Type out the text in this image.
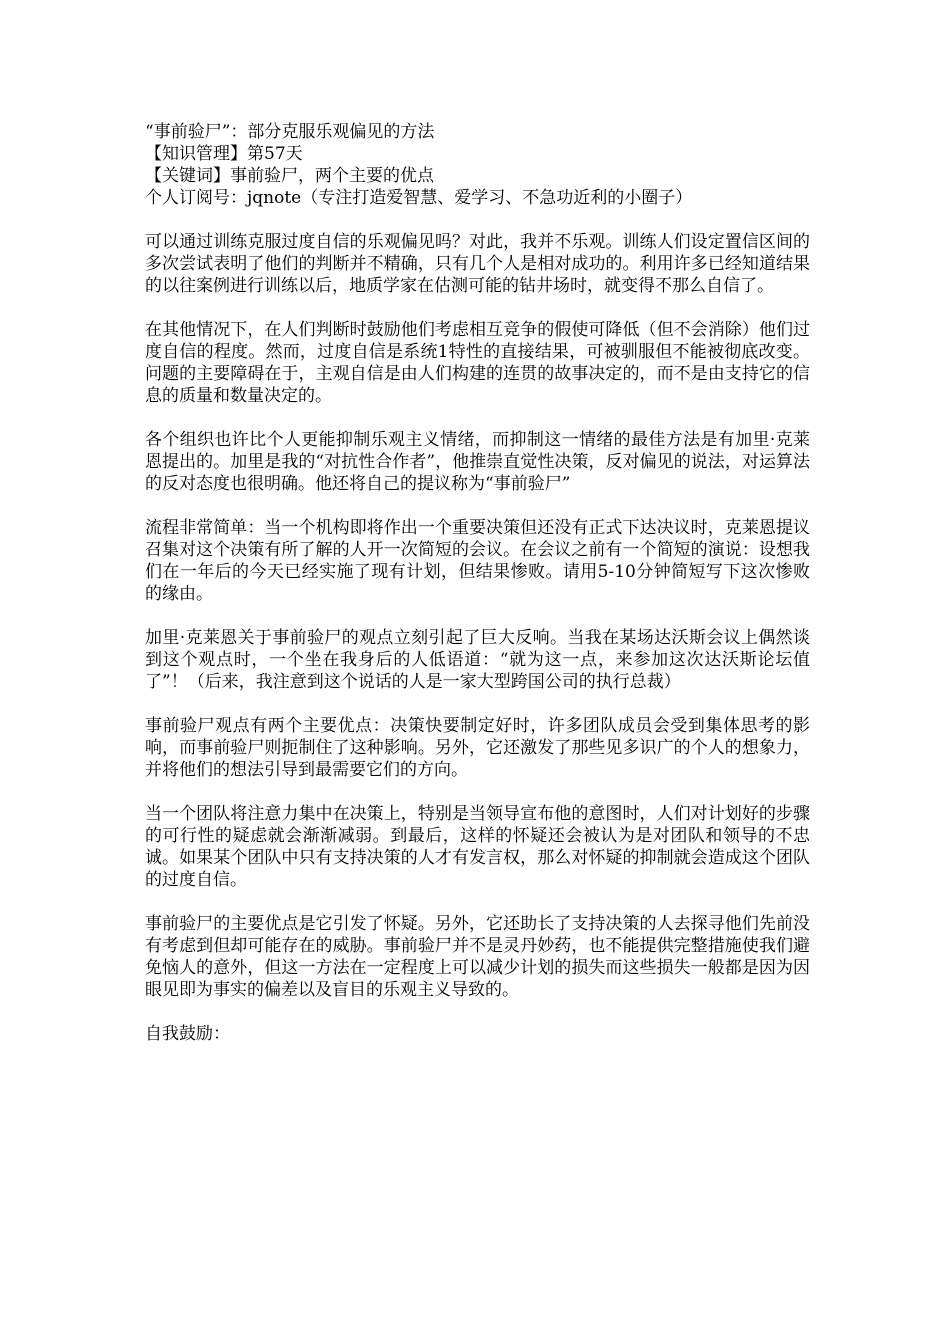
“事前验尸”：部分克服乐观偏见的方法

【知识管理】第57天

【关键词】事前验尸，两个主要的优点

个人订阅号：jqnote（专注打造爱智慧、爱学习、不急功近利的小圈子）

可以通过训练克服过度自信的乐观偏见吗？对此，我并不乐观。训练人们设定置信区间的多次尝试表明了他们的判断并不精确，只有几个人是相对成功的。利用许多已经知道结果的以往案例进行训练以后，地质学家在估测可能的钻井场时，就变得不那么自信了。

在其他情况下，在人们判断时鼓励他们考虑相互竞争的假使可降低（但不会消除）他们过度自信的程度。然而，过度自信是系统1特性的直接结果，可被驯服但不能被彻底改变。问题的主要障碍在于，主观自信是由人们构建的连贯的故事决定的，而不是由支持它的信息的质量和数量决定的。

各个组织也许比个人更能抑制乐观主义情绪，而抑制这一情绪的最佳方法是有加里·克莱恩提出的。加里是我的“对抗性合作者”，他推崇直觉性决策，反对偏见的说法，对运算法的反对态度也很明确。他还将自己的提议称为“事前验尸”

流程非常简单：当一个机构即将作出一个重要决策但还没有正式下达决议时，克莱恩提议召集对这个决策有所了解的人开一次简短的会议。在会议之前有一个简短的演说：设想我们在一年后的今天已经实施了现有计划，但结果惨败。请用5-10分钟简短写下这次惨败的缘由。

加里·克莱恩关于事前验尸的观点立刻引起了巨大反响。当我在某场达沃斯会议上偶然谈到这个观点时，一个坐在我身后的人低语道：“就为这一点，来参加这次达沃斯论坛值了”！（后来，我注意到这个说话的人是一家大型跨国公司的执行总裁）

事前验尸观点有两个主要优点：决策快要制定好时，许多团队成员会受到集体思考的影响，而事前验尸则扼制住了这种影响。另外，它还激发了那些见多识广的个人的想象力，并将他们的想法引导到最需要它们的方向。

当一个团队将注意力集中在决策上，特别是当领导宣布他的意图时，人们对计划好的步骤的可行性的疑虑就会渐渐减弱。到最后，这样的怀疑还会被认为是对团队和领导的不忠诚。如果某个团队中只有支持决策的人才有发言权，那么对怀疑的抑制就会造成这个团队的过度自信。

事前验尸的主要优点是它引发了怀疑。另外，它还助长了支持决策的人去探寻他们先前没有考虑到但却可能存在的威胁。事前验尸并不是灵丹妙药，也不能提供完整措施使我们避免恼人的意外，但这一方法在一定程度上可以减少计划的损失而这些损失一般都是因为因眼见即为事实的偏差以及盲目的乐观主义导致的。

自我鼓励：
